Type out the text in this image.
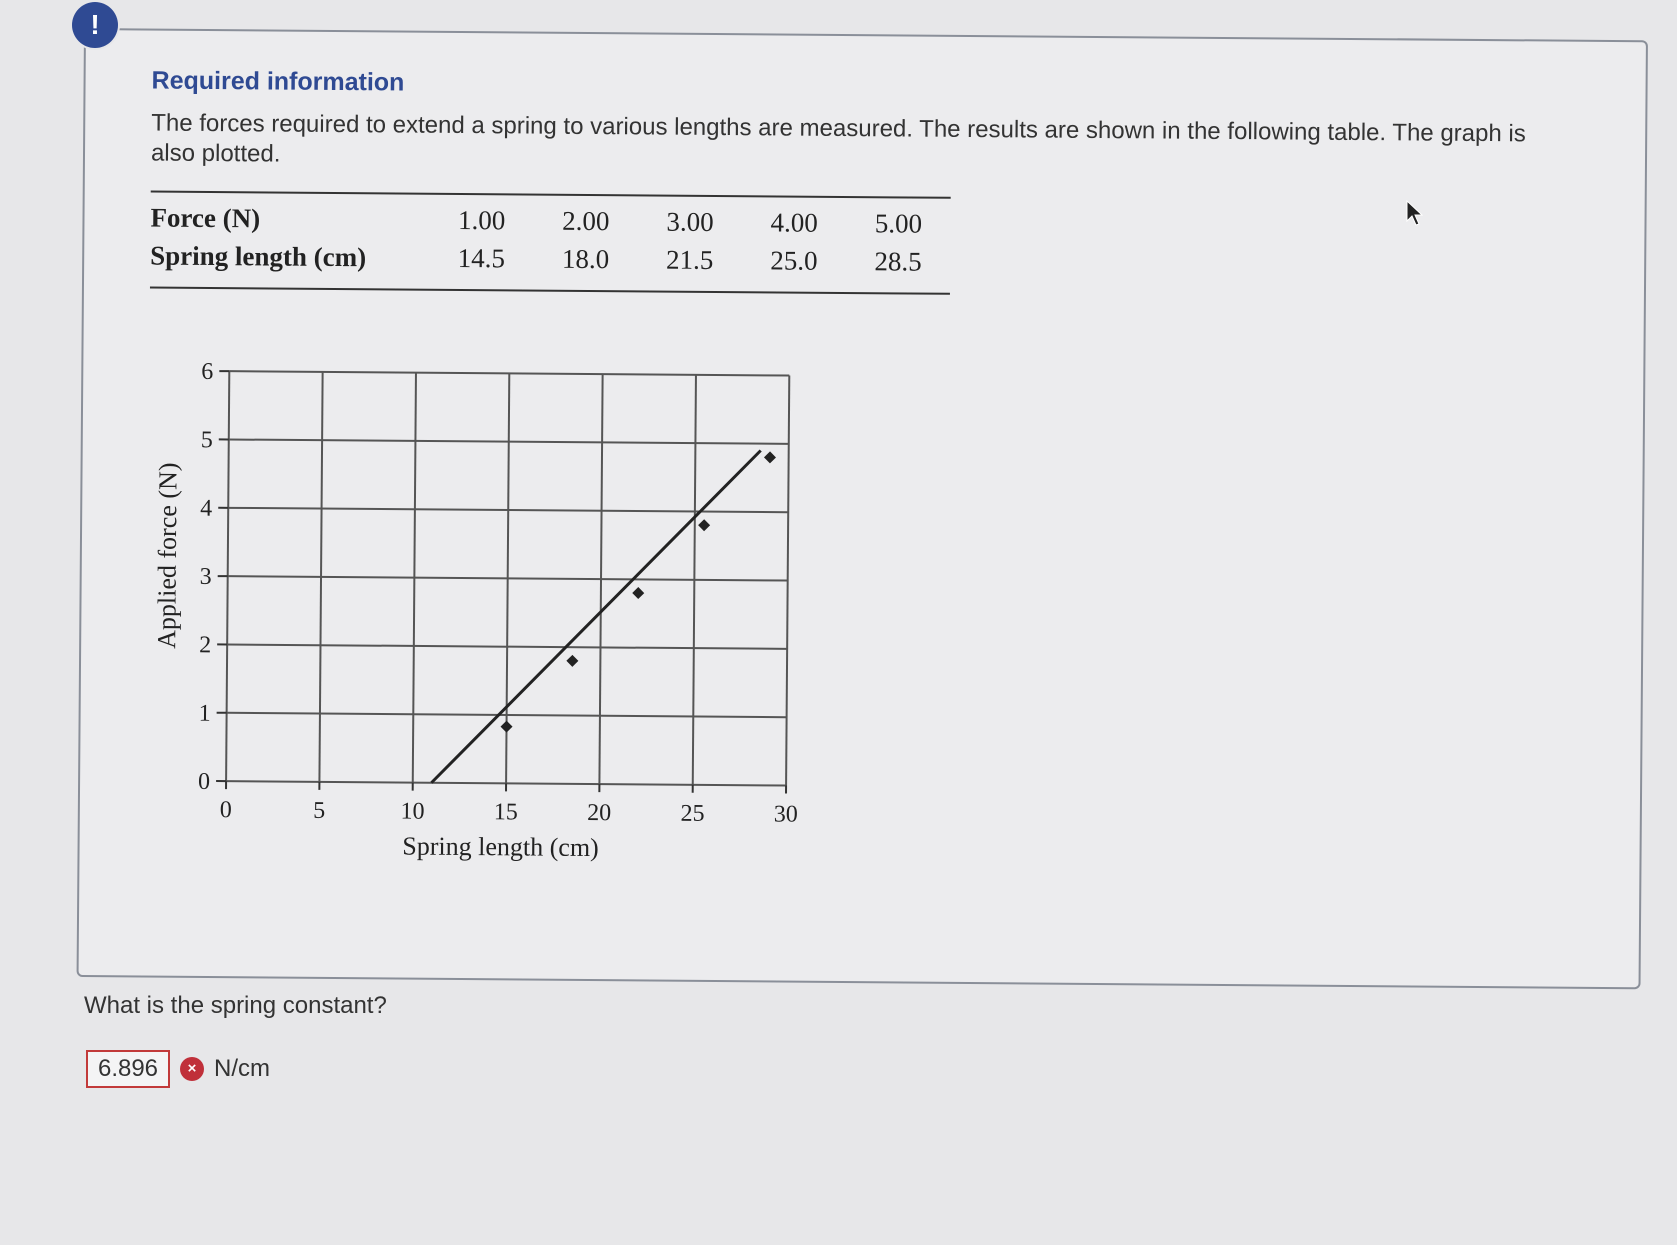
!
Required information
The forces required to extend a spring to various lengths are measured. The results are shown in the following table. The graph is also plotted.
Force (N)	1.00	2.00	3.00	4.00	5.00
Spring length (cm)	14.5	18.0	21.5	25.0	28.5
0	5	10	15	20	25	30
0
1
2
3
4
5
6
Applied force (N)
Spring length (cm)
What is the spring constant?
6.896	× N/cm
